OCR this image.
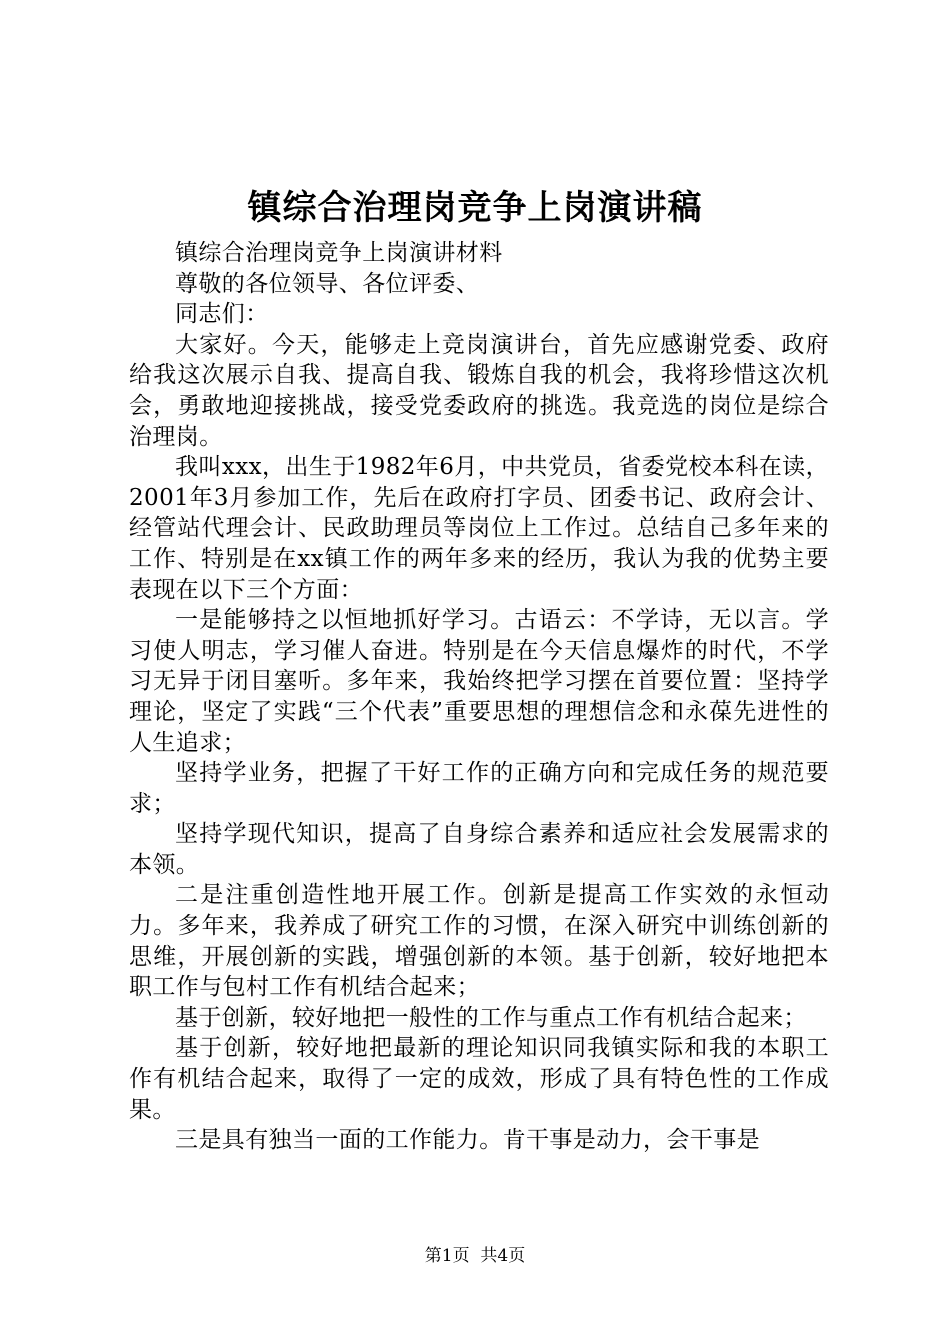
镇综合治理岗竞争上岗演讲稿

镇综合治理岗竞争上岗演讲材料

尊敬的各位领导、各位评委、

同志们：

大家好。今天，能够走上竞岗演讲台，首先应感谢党委、政府给我这次展示自我、提高自我、锻炼自我的机会，我将珍惜这次机会，勇敢地迎接挑战，接受党委政府的挑选。我竞选的岗位是综合治理岗。

我叫xxx，出生于1982年6月，中共党员，省委党校本科在读，2001年3月参加工作，先后在政府打字员、团委书记、政府会计、经管站代理会计、民政助理员等岗位上工作过。总结自己多年来的工作、特别是在xx镇工作的两年多来的经历，我认为我的优势主要表现在以下三个方面：

一是能够持之以恒地抓好学习。古语云：不学诗，无以言。学习使人明志，学习催人奋进。特别是在今天信息爆炸的时代，不学习无异于闭目塞听。多年来，我始终把学习摆在首要位置：坚持学理论，坚定了实践“三个代表”重要思想的理想信念和永葆先进性的人生追求；

坚持学业务，把握了干好工作的正确方向和完成任务的规范要求；

坚持学现代知识，提高了自身综合素养和适应社会发展需求的本领。

二是注重创造性地开展工作。创新是提高工作实效的永恒动力。多年来，我养成了研究工作的习惯，在深入研究中训练创新的思维，开展创新的实践，增强创新的本领。基于创新，较好地把本职工作与包村工作有机结合起来；

基于创新，较好地把一般性的工作与重点工作有机结合起来；

基于创新，较好地把最新的理论知识同我镇实际和我的本职工作有机结合起来，取得了一定的成效，形成了具有特色性的工作成果。

三是具有独当一面的工作能力。肯干事是动力，会干事是

第1页 共4页
